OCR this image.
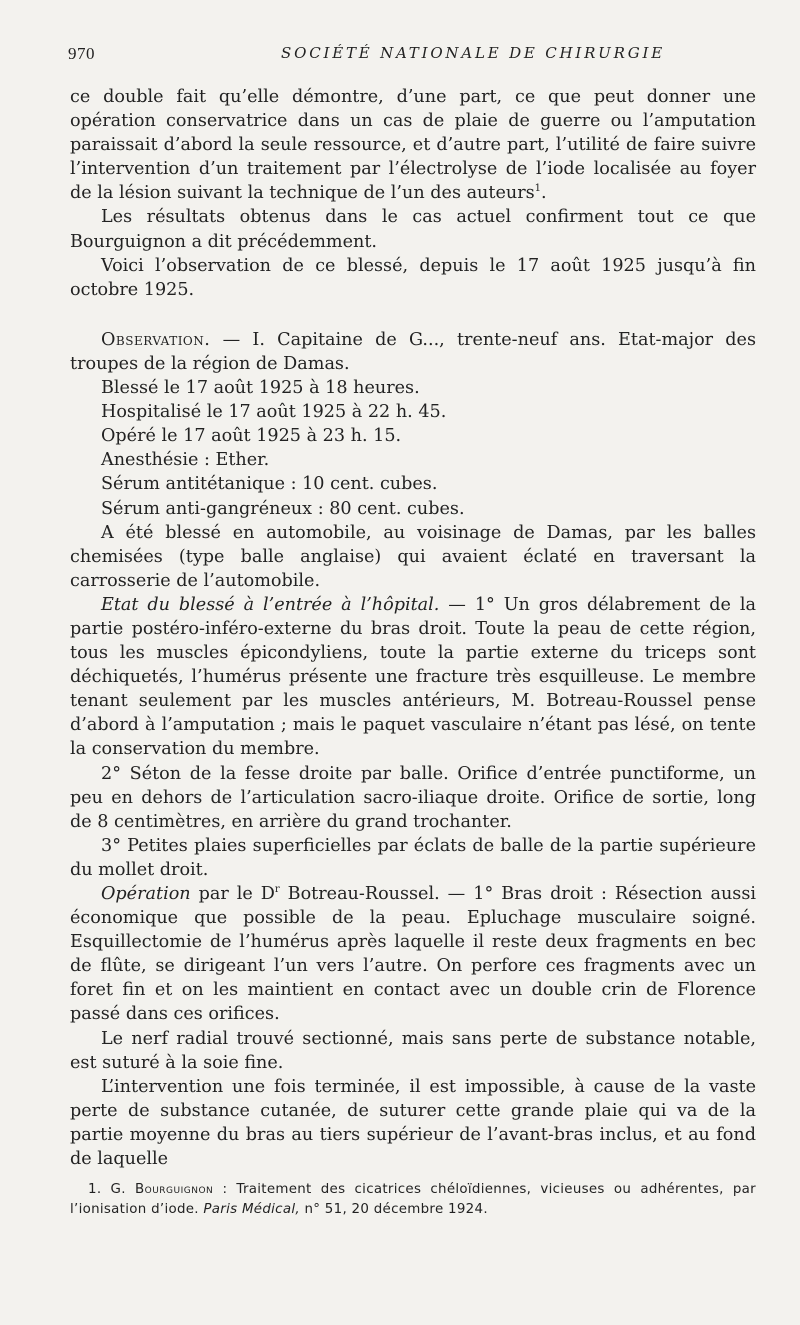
970	SOCIÉTÉ NATIONALE DE CHIRURGIE

ce double fait qu’elle démontre, d’une part, ce que peut donner une opération conservatrice dans un cas de plaie de guerre ou l’amputation paraissait d’abord la seule ressource, et d’autre part, l’utilité de faire suivre l’intervention d’un traitement par l’électrolyse de l’iode localisée au foyer de la lésion suivant la technique de l’un des auteurs$^1$.

Les résultats obtenus dans le cas actuel confirment tout ce que Bourguignon a dit précédemment.

Voici l’observation de ce blessé, depuis le 17 août 1925 jusqu’à fin octobre 1925.

Observation. — I. Capitaine de G..., trente-neuf ans. Etat-major des troupes de la région de Damas.

Blessé le 17 août 1925 à 18 heures.

Hospitalisé le 17 août 1925 à 22 h. 45.

Opéré le 17 août 1925 à 23 h. 15.

Anesthésie : Ether.

Sérum antitétanique : 10 cent. cubes.

Sérum anti-gangréneux : 80 cent. cubes.

A été blessé en automobile, au voisinage de Damas, par les balles chemisées (type balle anglaise) qui avaient éclaté en traversant la carrosserie de l’automobile.

Etat du blessé à l’entrée à l’hôpital. — 1° Un gros délabrement de la partie postéro-inféro-externe du bras droit. Toute la peau de cette région, tous les muscles épicondyliens, toute la partie externe du triceps sont déchiquetés, l’humérus présente une fracture très esquilleuse. Le membre tenant seulement par les muscles antérieurs, M. Botreau-Roussel pense d’abord à l’amputation ; mais le paquet vasculaire n’étant pas lésé, on tente la conservation du membre.

2° Séton de la fesse droite par balle. Orifice d’entrée punctiforme, un peu en dehors de l’articulation sacro-iliaque droite. Orifice de sortie, long de 8 centimètres, en arrière du grand trochanter.

3° Petites plaies superficielles par éclats de balle de la partie supérieure du mollet droit.

Opération par le $D^r$ Botreau-Roussel. — 1° Bras droit : Résection aussi économique que possible de la peau. Epluchage musculaire soigné. Esquillectomie de l’humérus après laquelle il reste deux fragments en bec de flûte, se dirigeant l’un vers l’autre. On perfore ces fragments avec un foret fin et on les maintient en contact avec un double crin de Florence passé dans ces orifices.

Le nerf radial trouvé sectionné, mais sans perte de substance notable, est suturé à la soie fine.

L’intervention une fois terminée, il est impossible, à cause de la vaste perte de substance cutanée, de suturer cette grande plaie qui va de la partie moyenne du bras au tiers supérieur de l’avant-bras inclus, et au fond de laquelle

1. G. Bourguignon : Traitement des cicatrices chéloïdiennes, vicieuses ou adhérentes, par l’ionisation d’iode. Paris Médical, n° 51, 20 décembre 1924.
